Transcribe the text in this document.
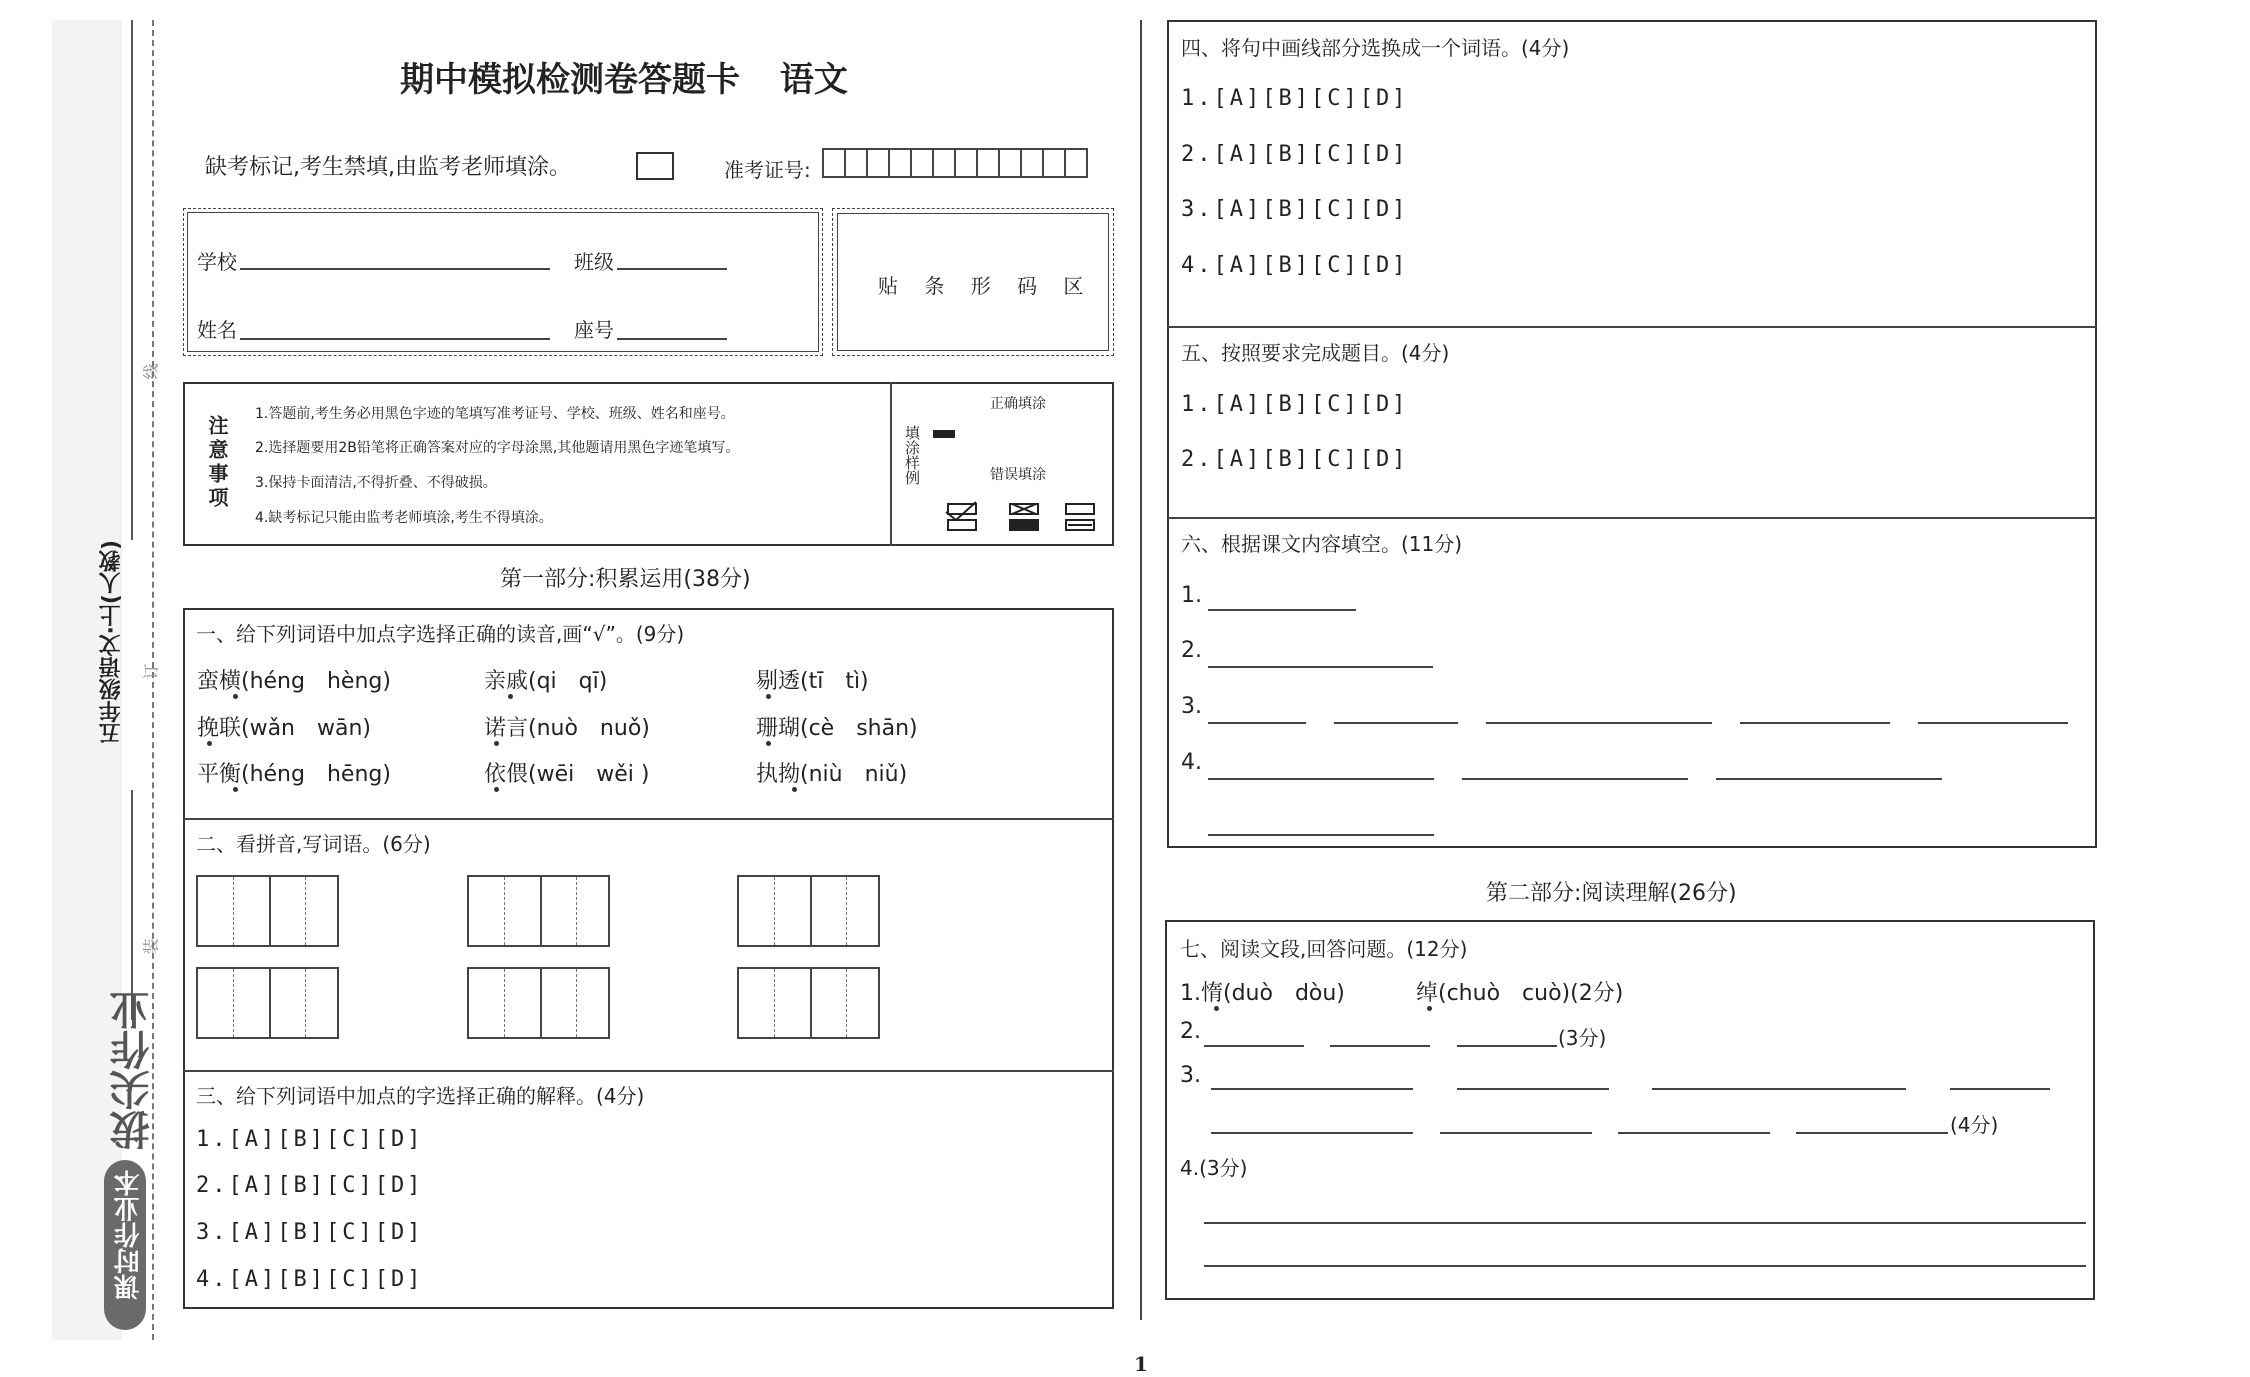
五年级语文·上(人教)
线
订
装
拔尖作业
课时作业本
期中模拟检测卷答题卡 语文
缺考标记,考生禁填,由监考老师填涂。	准考证号:
学校	班级
姓名	座号
贴 条 形 码 区
注意事项
1.答题前,考生务必用黑色字迹的笔填写准考证号、学校、班级、姓名和座号。
2.选择题要用2B铅笔将正确答案对应的字母涂黑,其他题请用黑色字迹笔填写。
3.保持卡面清洁,不得折叠、不得破损。
4.缺考标记只能由监考老师填涂,考生不得填涂。
填涂样例
正确填涂
错误填涂
第一部分:积累运用(38分)
一、给下列词语中加点字选择正确的读音,画“√”。(9分)
蛮横(héng　hèng)	亲戚(qi　qī)	剔透(tī　tì)
挽联(wǎn　wān)	诺言(nuò　nuǒ)	珊瑚(cè　shān)
平衡(héng　hēng)	依偎(wēi　wěi )	执拗(niù　niǔ)
二、看拼音,写词语。(6分)
三、给下列词语中加点的字选择正确的解释。(4分)
1.[A][B][C][D]
2.[A][B][C][D]
3.[A][B][C][D]
4.[A][B][C][D]
四、将句中画线部分选换成一个词语。(4分)
1.[A][B][C][D]
2.[A][B][C][D]
3.[A][B][C][D]
4.[A][B][C][D]
五、按照要求完成题目。(4分)
1.[A][B][C][D]
2.[A][B][C][D]
六、根据课文内容填空。(11分)
1.
2.
3.
4.
第二部分:阅读理解(26分)
七、阅读文段,回答问题。(12分)
1.惰(duò　dòu)	绰(chuò　cuò)(2分)
2.	(3分)
3.
(4分)
4.(3分)
1
